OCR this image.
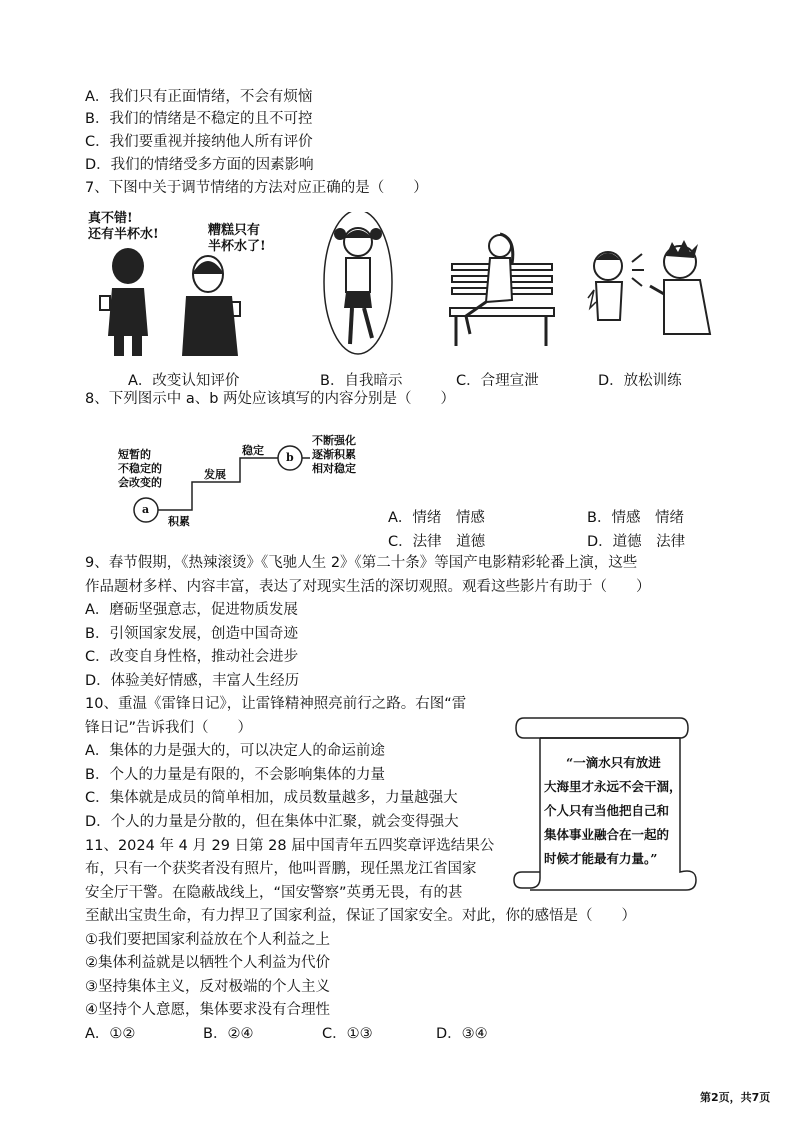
A．我们只有正面情绪，不会有烦恼
B．我们的情绪是不稳定的且不可控
C．我们要重视并接纳他人所有评价
D．我们的情绪受多方面的因素影响
7、下图中关于调节情绪的方法对应正确的是（　　）
真不错!
还有半杯水!	糟糕只有
半杯水了!
A．改变认知评价	B．自我暗示	C．合理宣泄	D．放松训练
8、下列图示中 a、b 两处应该填写的内容分别是（　　）
a
b
短暂的
不稳定的
会改变的
积累
发展
稳定
不断强化
逐渐积累
相对稳定
A．情绪　情感	B．情感　情绪
C．法律　道德	D．道德　法律
9、春节假期，《热辣滚烫》《飞驰人生 2》《第二十条》等国产电影精彩轮番上演，这些
作品题材多样、内容丰富，表达了对现实生活的深切观照。观看这些影片有助于（　　）
A．磨砺坚强意志，促进物质发展
B．引领国家发展，创造中国奇迹
C．改变自身性格，推动社会进步
D．体验美好情感，丰富人生经历
10、重温《雷锋日记》，让雷锋精神照亮前行之路。右图“雷
锋日记”告诉我们（　　）
A．集体的力是强大的，可以决定人的命运前途
B．个人的力量是有限的，不会影响集体的力量
C．集体就是成员的简单相加，成员数量越多，力量越强大
D．个人的力量是分散的，但在集体中汇聚，就会变得强大
“一滴水只有放进
大海里才永远不会干涸，
个人只有当他把自己和
集体事业融合在一起的
时候才能最有力量。”
11、2024 年 4 月 29 日第 28 届中国青年五四奖章评选结果公
布，只有一个获奖者没有照片，他叫晋鹏，现任黑龙江省国家
安全厅干警。在隐蔽战线上，“国安警察”英勇无畏，有的甚
至献出宝贵生命，有力捍卫了国家利益，保证了国家安全。对此，你的感悟是（　　）
①我们要把国家利益放在个人利益之上
②集体利益就是以牺牲个人利益为代价
③坚持集体主义，反对极端的个人主义
④坚持个人意愿，集体要求没有合理性
A．①②	B．②④	C．①③	D．③④
第2页，共7页
